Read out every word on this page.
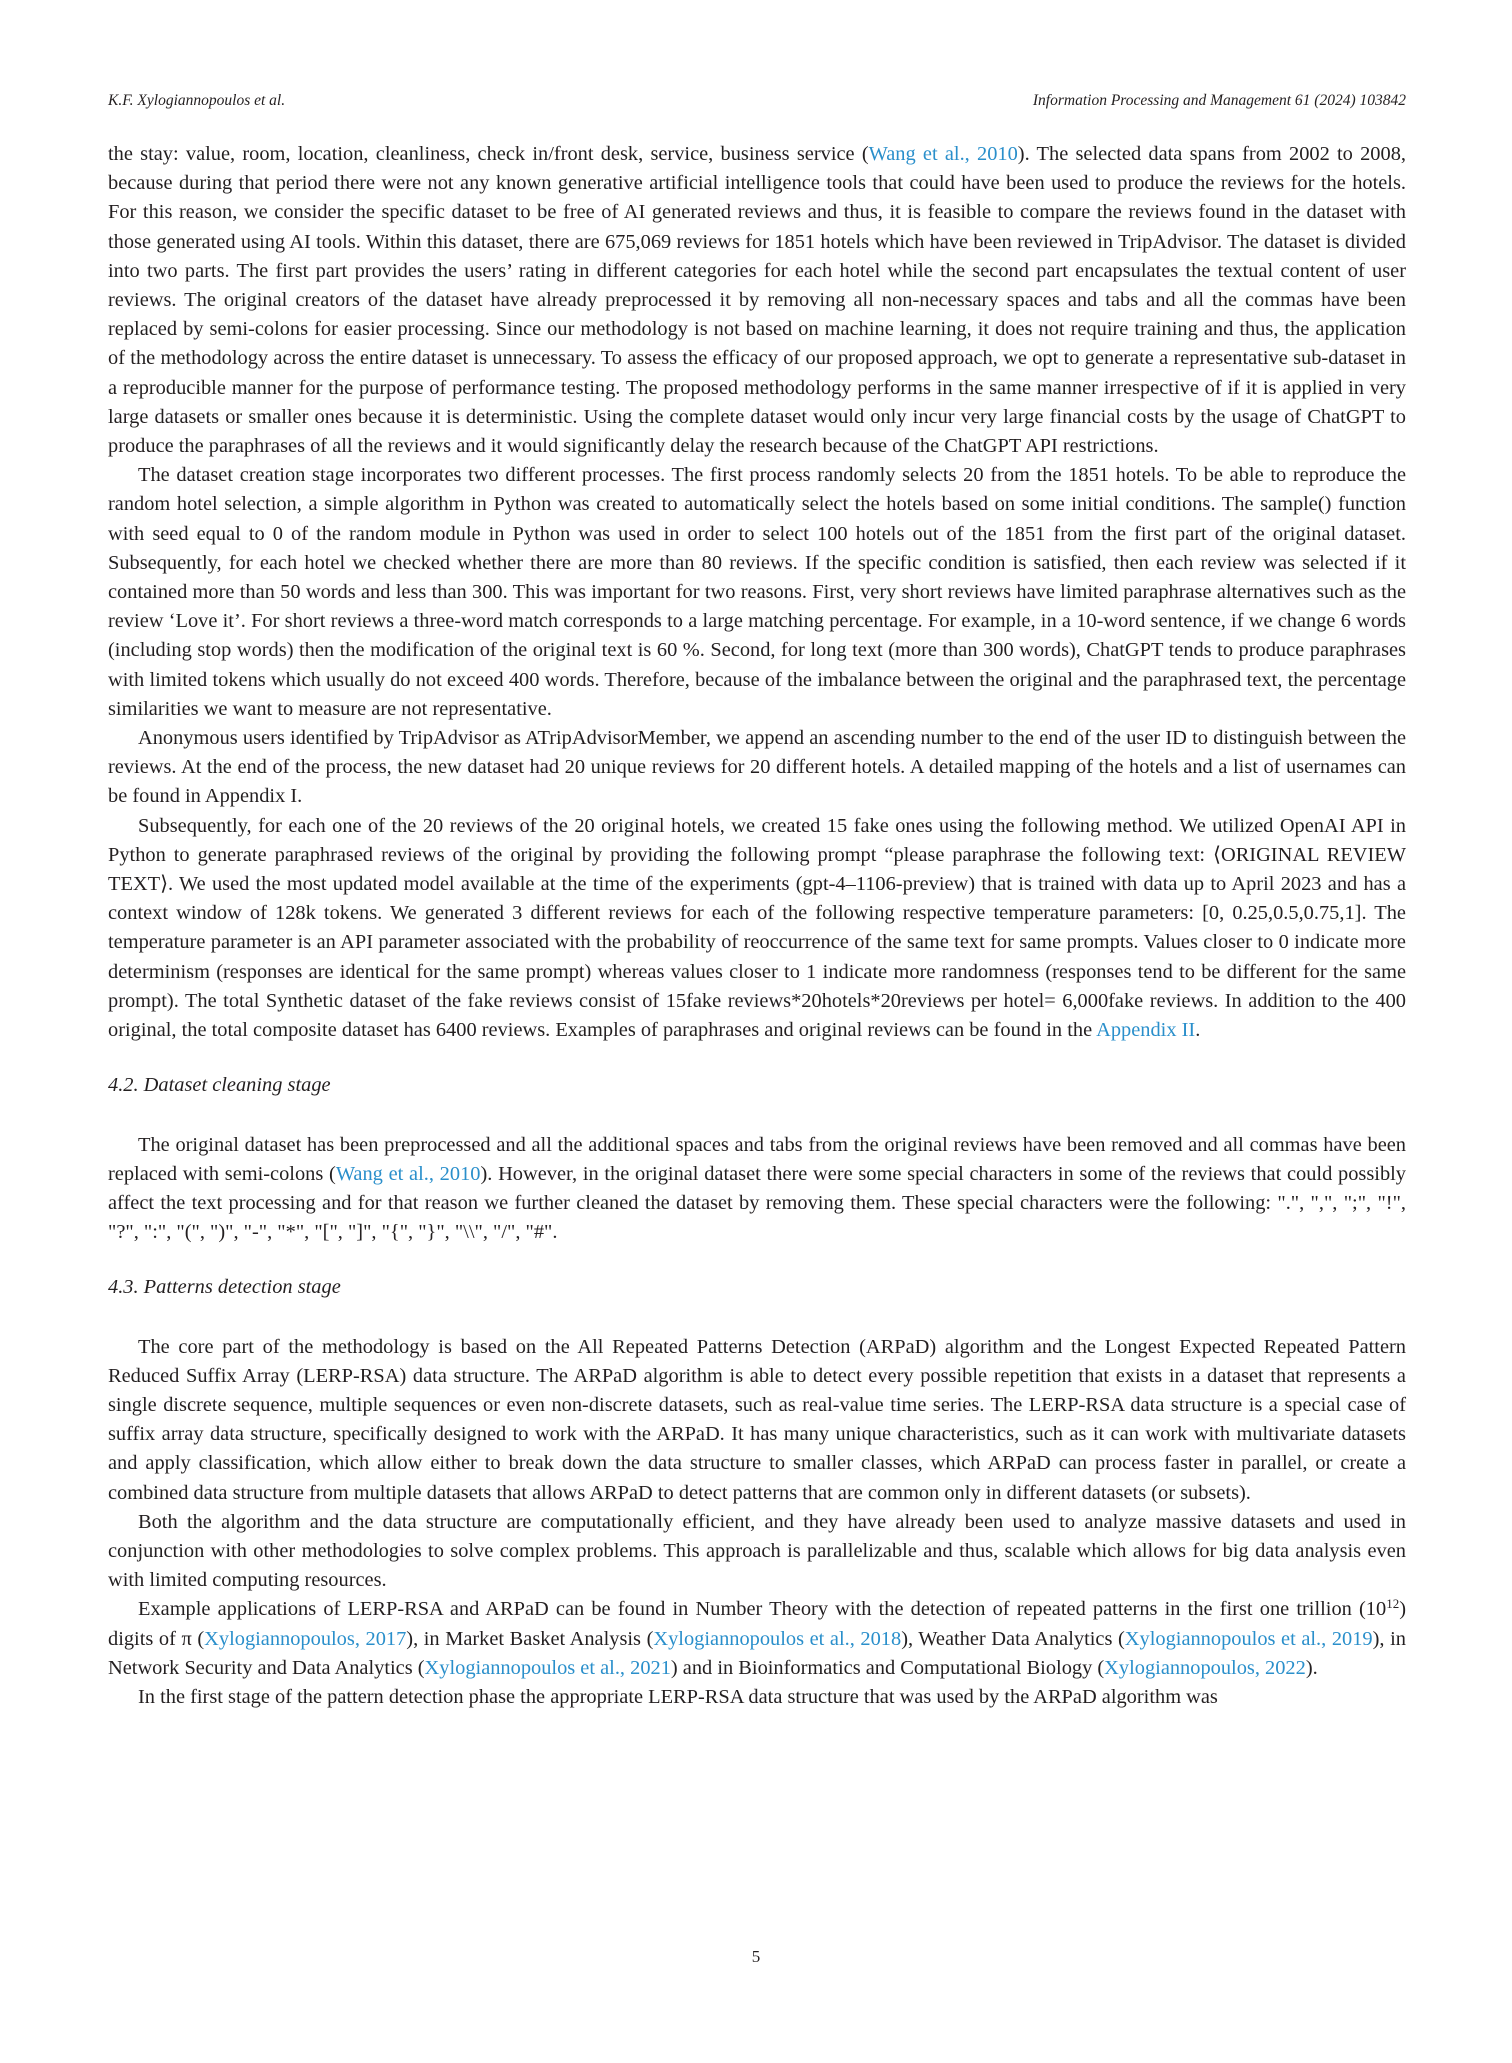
K.F. Xylogiannopoulos et al.	Information Processing and Management 61 (2024) 103842

the stay: value, room, location, cleanliness, check in/front desk, service, business service (Wang et al., 2010). The selected data spans from 2002 to 2008, because during that period there were not any known generative artificial intelligence tools that could have been used to produce the reviews for the hotels. For this reason, we consider the specific dataset to be free of AI generated reviews and thus, it is feasible to compare the reviews found in the dataset with those generated using AI tools. Within this dataset, there are 675,069 reviews for 1851 hotels which have been reviewed in TripAdvisor. The dataset is divided into two parts. The first part provides the users’ rating in different categories for each hotel while the second part encapsulates the textual content of user reviews. The original creators of the dataset have already preprocessed it by removing all non-necessary spaces and tabs and all the commas have been replaced by semi-colons for easier processing. Since our methodology is not based on machine learning, it does not require training and thus, the application of the methodology across the entire dataset is unnecessary. To assess the efficacy of our proposed approach, we opt to generate a representative sub-dataset in a reproducible manner for the purpose of performance testing. The proposed methodology performs in the same manner irrespective of if it is applied in very large datasets or smaller ones because it is deterministic. Using the complete dataset would only incur very large financial costs by the usage of ChatGPT to produce the paraphrases of all the reviews and it would significantly delay the research because of the ChatGPT API restrictions.

The dataset creation stage incorporates two different processes. The first process randomly selects 20 from the 1851 hotels. To be able to reproduce the random hotel selection, a simple algorithm in Python was created to automatically select the hotels based on some initial conditions. The sample() function with seed equal to 0 of the random module in Python was used in order to select 100 hotels out of the 1851 from the first part of the original dataset. Subsequently, for each hotel we checked whether there are more than 80 reviews. If the specific condition is satisfied, then each review was selected if it contained more than 50 words and less than 300. This was important for two reasons. First, very short reviews have limited paraphrase alternatives such as the review ‘Love it’. For short reviews a three-word match corresponds to a large matching percentage. For example, in a 10-word sentence, if we change 6 words (including stop words) then the modification of the original text is 60 %. Second, for long text (more than 300 words), ChatGPT tends to produce paraphrases with limited tokens which usually do not exceed 400 words. Therefore, because of the imbalance between the original and the paraphrased text, the percentage similarities we want to measure are not representative.

Anonymous users identified by TripAdvisor as ATripAdvisorMember, we append an ascending number to the end of the user ID to distinguish between the reviews. At the end of the process, the new dataset had 20 unique reviews for 20 different hotels. A detailed mapping of the hotels and a list of usernames can be found in Appendix I.

Subsequently, for each one of the 20 reviews of the 20 original hotels, we created 15 fake ones using the following method. We utilized OpenAI API in Python to generate paraphrased reviews of the original by providing the following prompt “please paraphrase the following text: ⟨ORIGINAL REVIEW TEXT⟩. We used the most updated model available at the time of the experiments (gpt-4–1106-preview) that is trained with data up to April 2023 and has a context window of 128k tokens. We generated 3 different reviews for each of the following respective temperature parameters: [0, 0.25,0.5,0.75,1]. The temperature parameter is an API parameter associated with the probability of reoccurrence of the same text for same prompts. Values closer to 0 indicate more determinism (responses are identical for the same prompt) whereas values closer to 1 indicate more randomness (responses tend to be different for the same prompt). The total Synthetic dataset of the fake reviews consist of 15fake reviews*20hotels*20reviews per hotel= 6,000fake reviews. In addition to the 400 original, the total composite dataset has 6400 reviews. Examples of paraphrases and original reviews can be found in the Appendix II.

4.2. Dataset cleaning stage

The original dataset has been preprocessed and all the additional spaces and tabs from the original reviews have been removed and all commas have been replaced with semi-colons (Wang et al., 2010). However, in the original dataset there were some special characters in some of the reviews that could possibly affect the text processing and for that reason we further cleaned the dataset by removing them. These special characters were the following: ".", ",", ";", "!", "?", ":", "(", ")", "-", "*", "[", "]", "{", "}", "\\", "/", "#".

4.3. Patterns detection stage

The core part of the methodology is based on the All Repeated Patterns Detection (ARPaD) algorithm and the Longest Expected Repeated Pattern Reduced Suffix Array (LERP-RSA) data structure. The ARPaD algorithm is able to detect every possible repetition that exists in a dataset that represents a single discrete sequence, multiple sequences or even non-discrete datasets, such as real-value time series. The LERP-RSA data structure is a special case of suffix array data structure, specifically designed to work with the ARPaD. It has many unique characteristics, such as it can work with multivariate datasets and apply classification, which allow either to break down the data structure to smaller classes, which ARPaD can process faster in parallel, or create a combined data structure from multiple datasets that allows ARPaD to detect patterns that are common only in different datasets (or subsets).

Both the algorithm and the data structure are computationally efficient, and they have already been used to analyze massive datasets and used in conjunction with other methodologies to solve complex problems. This approach is parallelizable and thus, scalable which allows for big data analysis even with limited computing resources.

Example applications of LERP-RSA and ARPaD can be found in Number Theory with the detection of repeated patterns in the first one trillion $(10^{12})$ digits of π (Xylogiannopoulos, 2017), in Market Basket Analysis (Xylogiannopoulos et al., 2018), Weather Data Analytics (Xylogiannopoulos et al., 2019), in Network Security and Data Analytics (Xylogiannopoulos et al., 2021) and in Bioinformatics and Computational Biology (Xylogiannopoulos, 2022).

In the first stage of the pattern detection phase the appropriate LERP-RSA data structure that was used by the ARPaD algorithm was

5
